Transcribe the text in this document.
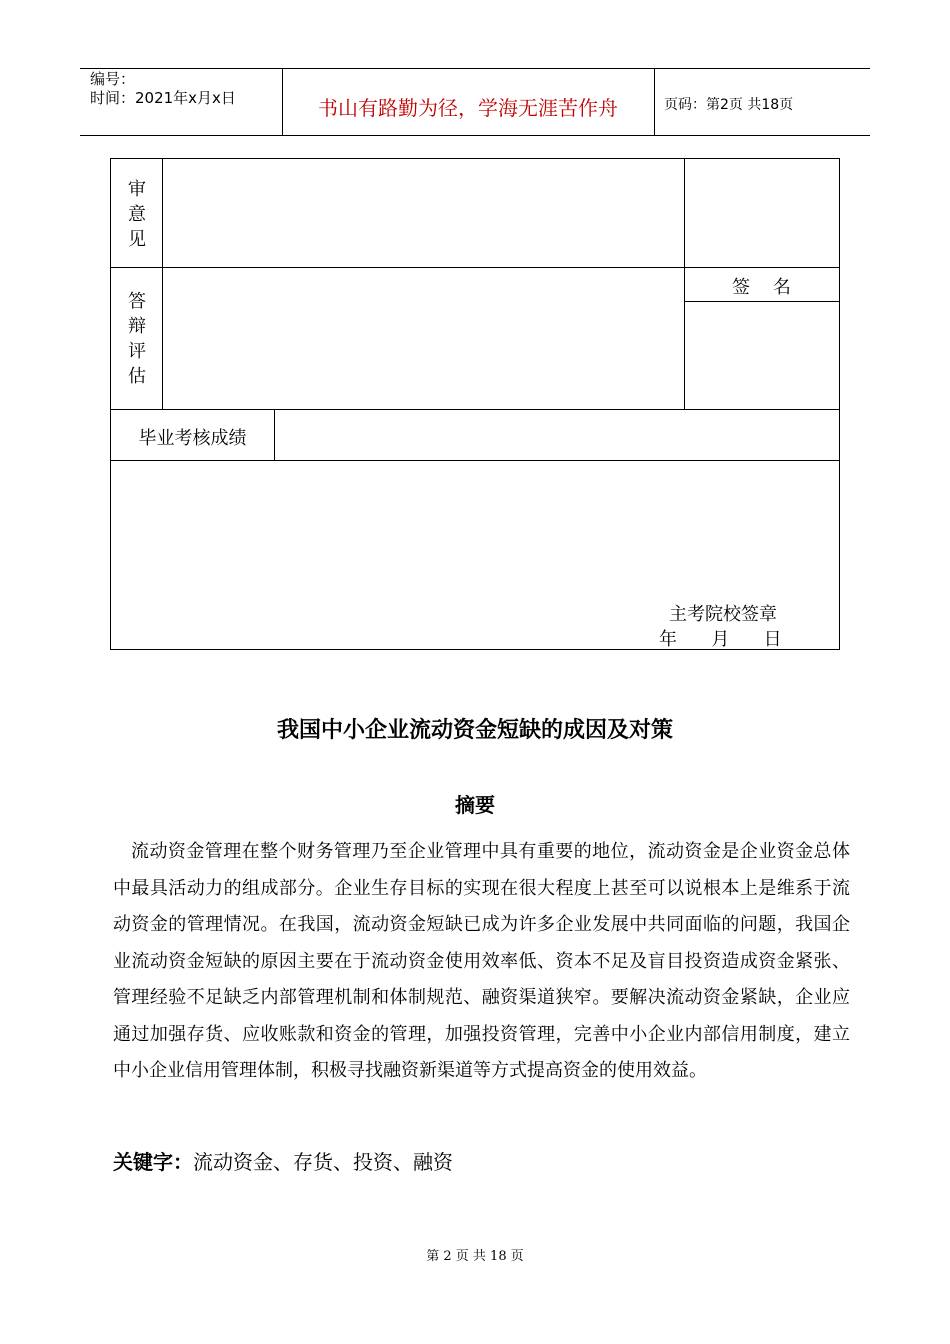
编号：
时间：2021年x月x日	书山有路勤为径，学海无涯苦作舟	页码：第2页 共18页
审
意
见
答
辩
评
估
签    名
毕业考核成绩
主考院校签章
年      月      日
我国中小企业流动资金短缺的成因及对策
摘要
流动资金管理在整个财务管理乃至企业管理中具有重要的地位，流动资金是企业资金总体中最具活动力的组成部分。企业生存目标的实现在很大程度上甚至可以说根本上是维系于流动资金的管理情况。在我国，流动资金短缺已成为许多企业发展中共同面临的问题，我国企业流动资金短缺的原因主要在于流动资金使用效率低、资本不足及盲目投资造成资金紧张、管理经验不足缺乏内部管理机制和体制规范、融资渠道狭窄。要解决流动资金紧缺，企业应通过加强存货、应收账款和资金的管理，加强投资管理，完善中小企业内部信用制度，建立中小企业信用管理体制，积极寻找融资新渠道等方式提高资金的使用效益。
关键字：流动资金、存货、投资、融资
第 2 页 共 18 页
